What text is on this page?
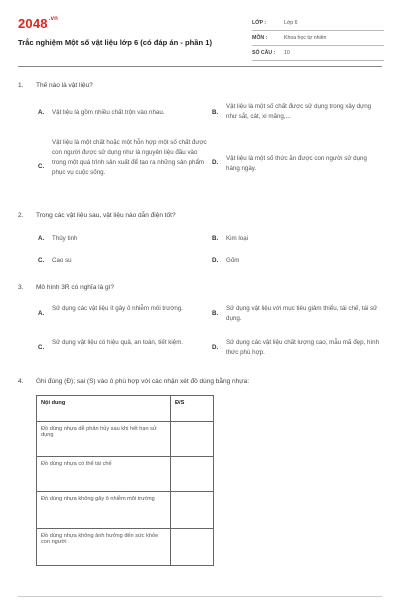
$2048^{.vn}$
Trắc nghiệm Một số vật liệu lớp 6 (có đáp án - phần 1)
LỚP :	Lớp 6
MÔN :	Khoa học tự nhiên
SỐ CÂU :	10
1. Thế nào là vật liệu?
A. Vật liệu là gồm nhiều chất trộn vào nhau.	B.
Vật liệu là một số chất được sử dụng trong xây dựng như sắt, cát, xi măng,...
C.
Vật liệu là một chất hoặc một hỗn hợp một số chất được con người được sử dụng như là nguyên liệu đầu vào trong một quá trình sản xuất để tạo ra những sản phẩm phục vụ cuộc sống.
D.
Vật liệu là một số thức ăn được con người sử dụng hàng ngày.
2. Trong các vật liệu sau, vật liệu nào dẫn điện tốt?
A. Thủy tinh	B. Kim loại
C. Cao su	D. Gốm
3. Mô hình 3R có nghĩa là gì?
A.
Sử dụng các vật liệu ít gây ô nhiễm môi trường.
B.
Sử dụng vật liệu với mục tiêu giảm thiểu, tái chế, tái sử dụng.
C.
Sử dụng vật liệu có hiệu quả, an toàn, tiết kiệm.
D.
Sử dụng các vật liệu chất lượng cao, mẫu mã đẹp, hình thức phù hợp.
4. Ghi đúng (Đ); sai (S) vào ô phù hợp với các nhận xét đồ dùng bằng nhựa:
Nội dung	Đ/S
Đồ dùng nhựa dễ phân hủy sau khi hết hạn sử dụng	
Đồ dùng nhựa có thể tái chế	
Đồ dùng nhựa không gây ô nhiễm môi trường	
Đồ dùng nhựa không ảnh hưởng đến sức khỏe con người	
